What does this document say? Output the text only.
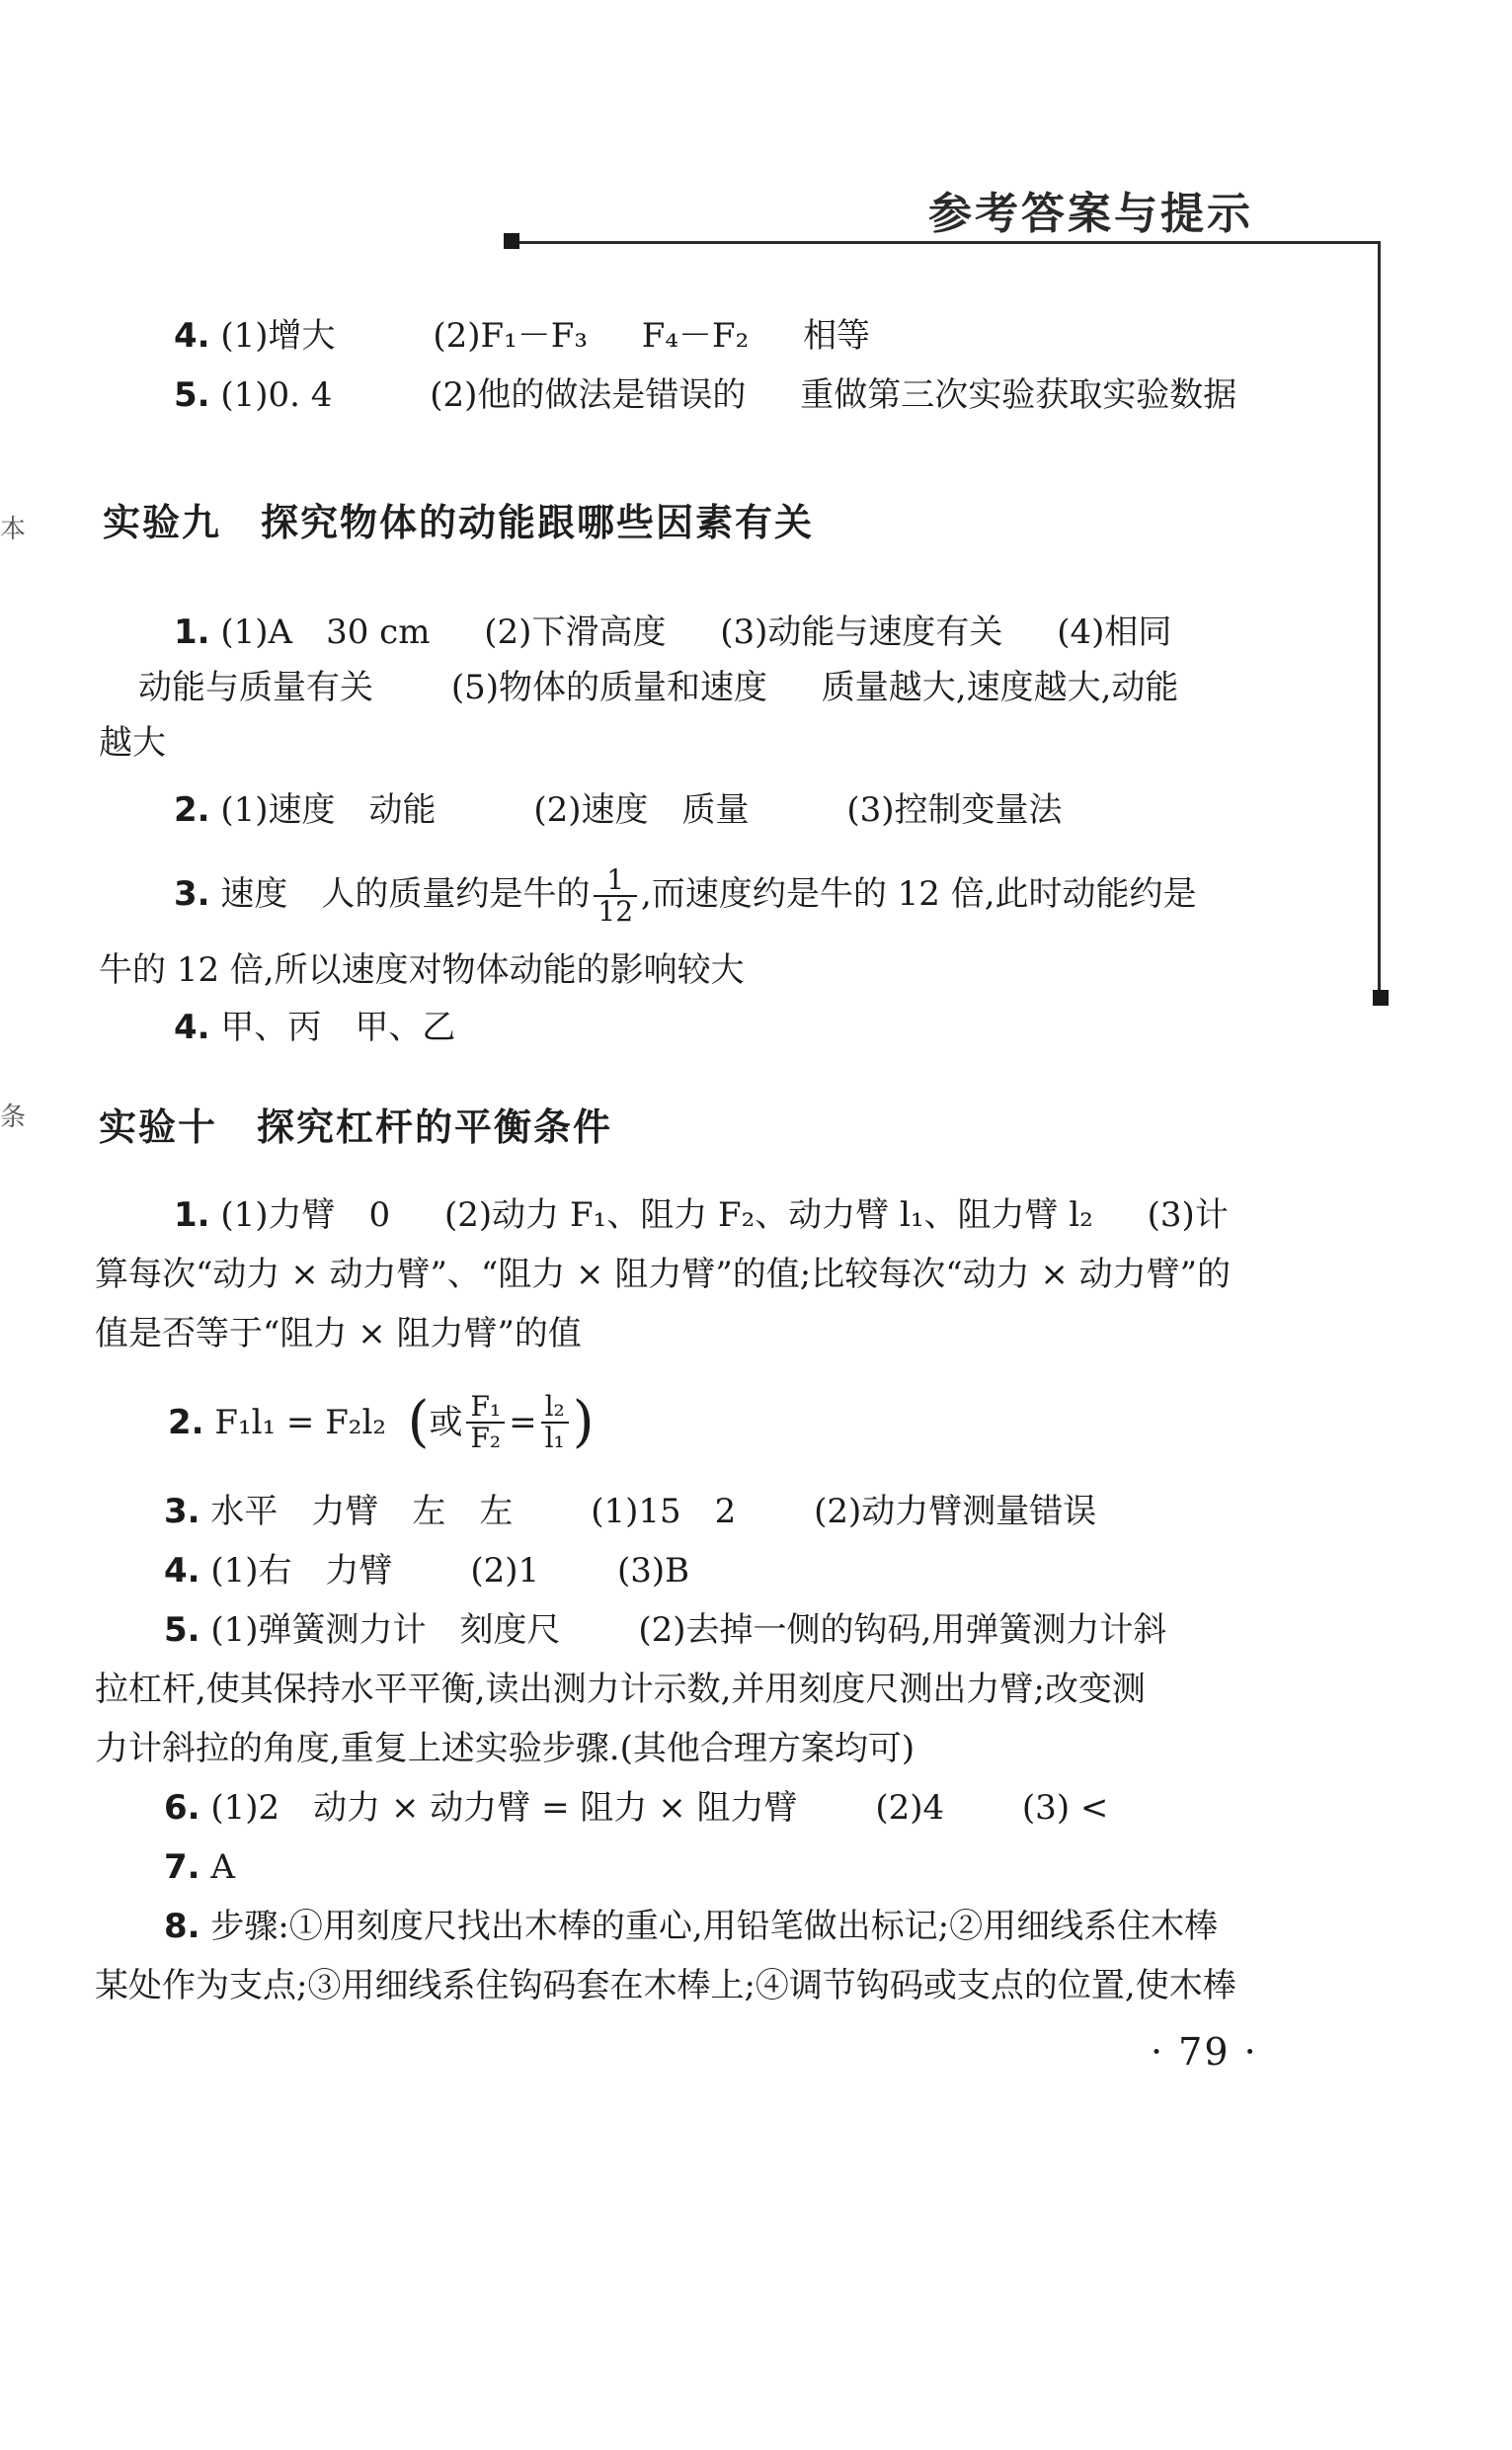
参考答案与提示
本
条
4. (1)增大	(2)F₁－F₃ F₄－F₂ 相等
5. (1)0. 4	(2)他的做法是错误的 重做第三次实验获取实验数据
实验九　探究物体的动能跟哪些因素有关
1. (1)A　30 cm (2)下滑高度 (3)动能与速度有关 (4)相同
动能与质量有关 (5)物体的质量和速度 质量越大,速度越大,动能
越大
2. (1)速度　动能	(2)速度　质量	(3)控制变量法
3. 速度　人的质量约是牛的 $\frac{1}{12}$ ,而速度约是牛的 12 倍,此时动能约是
牛的 12 倍,所以速度对物体动能的影响较大
4. 甲、丙　甲、乙
实验十　探究杠杆的平衡条件
1. (1)力臂　0 (2)动力 F₁、阻力 F₂、动力臂 l₁、阻力臂 l₂ (3)计
算每次“动力 × 动力臂”、“阻力 × 阻力臂”的值;比较每次“动力 × 动力臂”的
值是否等于“阻力 × 阻力臂”的值
2.
F₁l₁ = F₂l₂
( 或 $\frac{\text{F₁}}{\text{F₂}} = \frac{\text{l₂}}{\text{l₁}}$ )
3. 水平　力臂　左　左 (1)15　2 (2)动力臂测量错误
4. (1)右　力臂 (2)1 (3)B
5. (1)弹簧测力计　刻度尺 (2)去掉一侧的钩码,用弹簧测力计斜
拉杠杆,使其保持水平平衡,读出测力计示数,并用刻度尺测出力臂;改变测
力计斜拉的角度,重复上述实验步骤.(其他合理方案均可)
6. (1)2　动力 × 动力臂 = 阻力 × 阻力臂 (2)4 (3) <
7. A
8. 步骤:①用刻度尺找出木棒的重心,用铅笔做出标记;②用细线系住木棒
某处作为支点;③用细线系住钩码套在木棒上;④调节钩码或支点的位置,使木棒
· 79 ·
